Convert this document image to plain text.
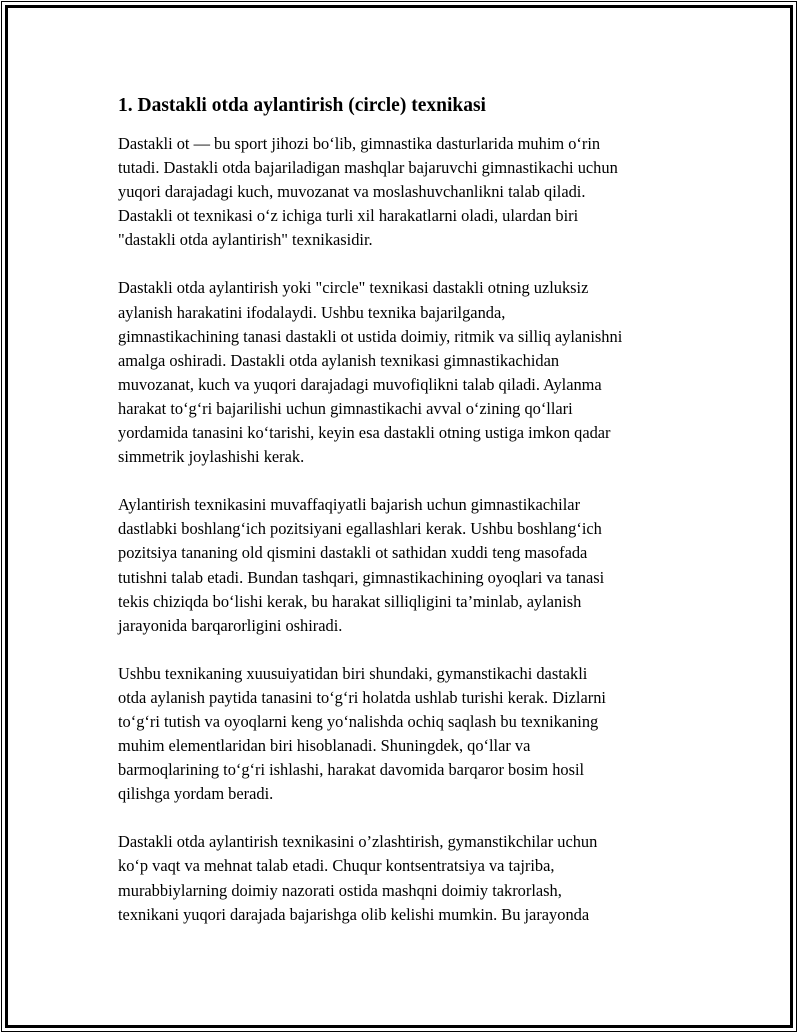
1. Dastakli otda aylantirish (circle) texnikasi

Dastakli ot — bu sport jihozi bo‘lib, gimnastika dasturlarida muhim o‘rin
tutadi. Dastakli otda bajariladigan mashqlar bajaruvchi gimnastikachi uchun
yuqori darajadagi kuch, muvozanat va moslashuvchanlikni talab qiladi.
Dastakli ot texnikasi o‘z ichiga turli xil harakatlarni oladi, ulardan biri
"dastakli otda aylantirish" texnikasidir.

Dastakli otda aylantirish yoki "circle" texnikasi dastakli otning uzluksiz
aylanish harakatini ifodalaydi. Ushbu texnika bajarilganda,
gimnastikachining tanasi dastakli ot ustida doimiy, ritmik va silliq aylanishni
amalga oshiradi. Dastakli otda aylanish texnikasi gimnastikachidan
muvozanat, kuch va yuqori darajadagi muvofiqlikni talab qiladi. Aylanma
harakat to‘g‘ri bajarilishi uchun gimnastikachi avval o‘zining qo‘llari
yordamida tanasini ko‘tarishi, keyin esa dastakli otning ustiga imkon qadar
simmetrik joylashishi kerak.

Aylantirish texnikasini muvaffaqiyatli bajarish uchun gimnastikachilar
dastlabki boshlang‘ich pozitsiyani egallashlari kerak. Ushbu boshlang‘ich
pozitsiya tananing old qismini dastakli ot sathidan xuddi teng masofada
tutishni talab etadi. Bundan tashqari, gimnastikachining oyoqlari va tanasi
tekis chiziqda bo‘lishi kerak, bu harakat silliqligini ta’minlab, aylanish
jarayonida barqarorligini oshiradi.

Ushbu texnikaning xuusuiyatidan biri shundaki, gymanstikachi dastakli
otda aylanish paytida tanasini to‘g‘ri holatda ushlab turishi kerak. Dizlarni
to‘g‘ri tutish va oyoqlarni keng yo‘nalishda ochiq saqlash bu texnikaning
muhim elementlaridan biri hisoblanadi. Shuningdek, qo‘llar va
barmoqlarining to‘g‘ri ishlashi, harakat davomida barqaror bosim hosil
qilishga yordam beradi.

Dastakli otda aylantirish texnikasini o’zlashtirish, gymanstikchilar uchun
ko‘p vaqt va mehnat talab etadi. Chuqur kontsentratsiya va tajriba,
murabbiylarning doimiy nazorati ostida mashqni doimiy takrorlash,
texnikani yuqori darajada bajarishga olib kelishi mumkin. Bu jarayonda
